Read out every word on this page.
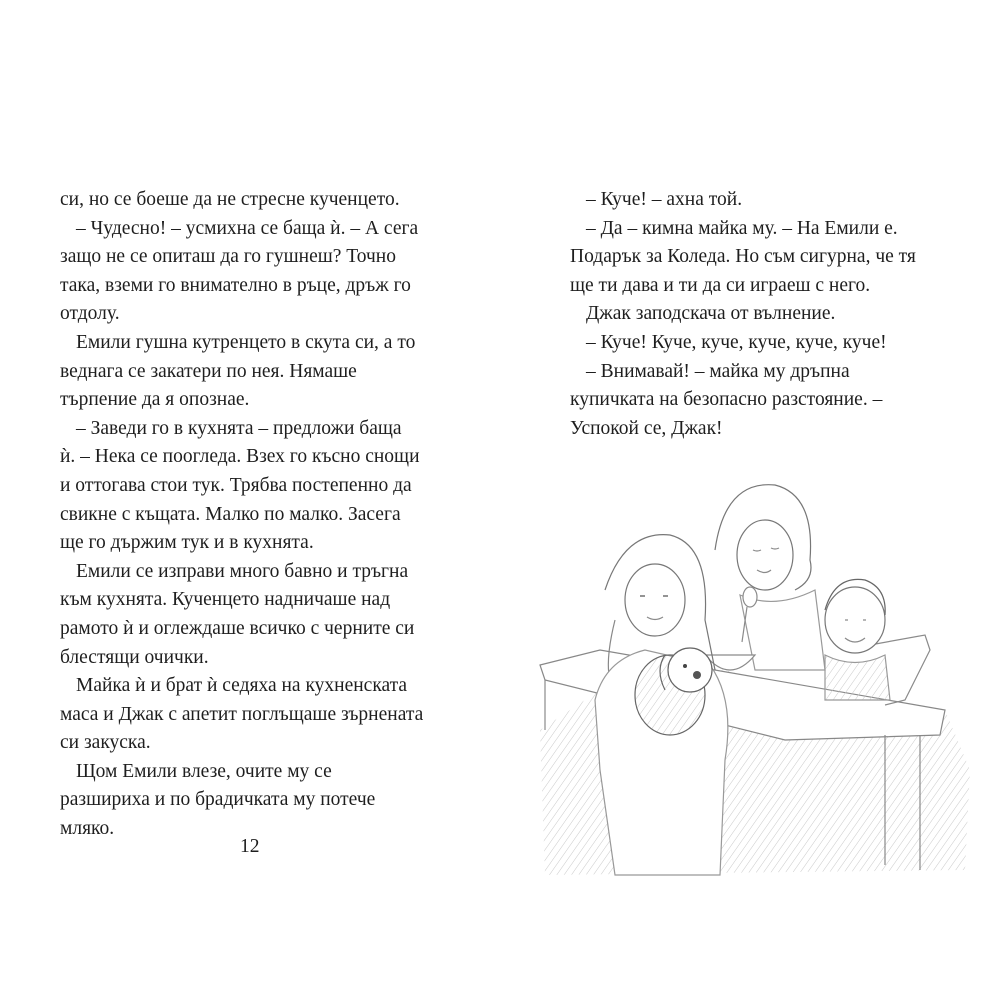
си, но се боеше да не стресне кученцето.
– Чудесно! – усмихна се баща ѝ. – А сега
защо не се опиташ да го гушнеш? Точно
така, вземи го внимателно в ръце, дръж го
отдолу.
Емили гушна кутренцето в скута си, а то
веднага се закатери по нея. Нямаше
търпение да я опознае.
– Заведи го в кухнята – предложи баща
ѝ. – Нека се поогледа. Взех го късно снощи
и оттогава стои тук. Трябва постепенно да
свикне с къщата. Малко по малко. Засега
ще го държим тук и в кухнята.
Емили се изправи много бавно и тръгна
към кухнята. Кученцето надничаше над
рамото ѝ и оглеждаше всичко с черните си
блестящи очички.
Майка ѝ и брат ѝ седяха на кухненската
маса и Джак с апетит поглъщаше зърнената
си закуска.
Щом Емили влезе, очите му се
разшириха и по брадичката му потече
мляко.
12
– Куче! – ахна той.
– Да – кимна майка му. – На Емили е.
Подарък за Коледа. Но съм сигурна, че тя
ще ти дава и ти да си играеш с него.
Джак заподскача от вълнение.
– Куче! Куче, куче, куче, куче, куче!
– Внимавай! – майка му дръпна
купичката на безопасно разстояние. –
Успокой се, Джак!
